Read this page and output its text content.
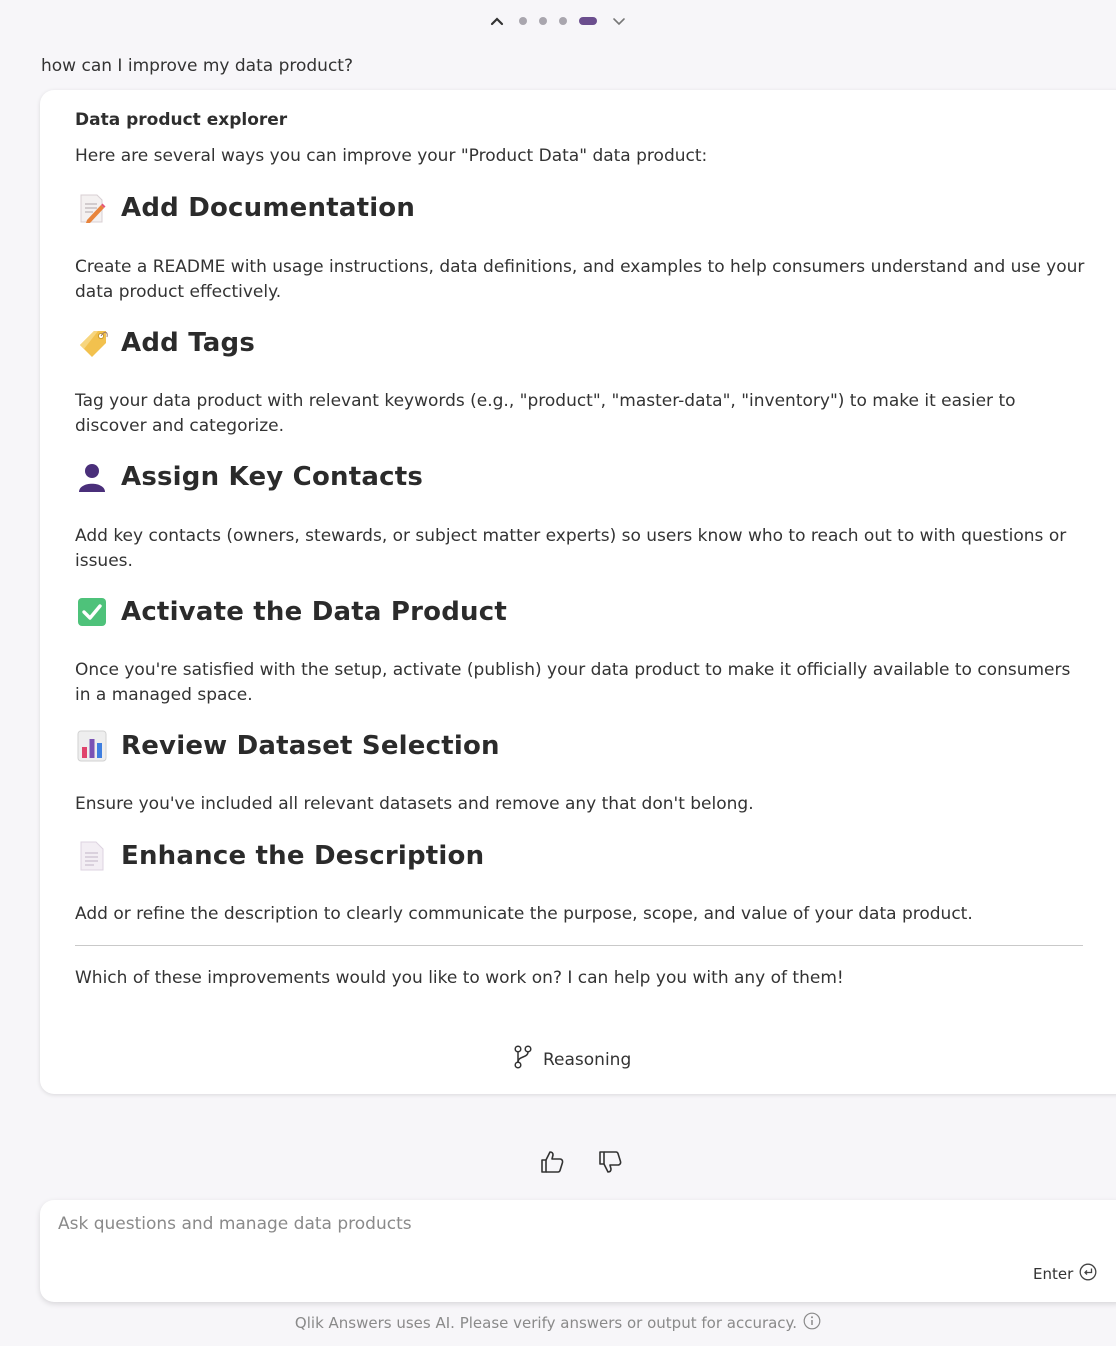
how can I improve my data product?
Data product explorer
Here are several ways you can improve your "Product Data" data product:
Add Documentation
Create a README with usage instructions, data definitions, and examples to help consumers understand and use your data product effectively.
Add Tags
Tag your data product with relevant keywords (e.g., "product", "master-data", "inventory") to make it easier to discover and categorize.
Assign Key Contacts
Add key contacts (owners, stewards, or subject matter experts) so users know who to reach out to with questions or issues.
Activate the Data Product
Once you're satisfied with the setup, activate (publish) your data product to make it officially available to consumers in a managed space.
Review Dataset Selection
Ensure you've included all relevant datasets and remove any that don't belong.
Enhance the Description
Add or refine the description to clearly communicate the purpose, scope, and value of your data product.
Which of these improvements would you like to work on? I can help you with any of them!
Reasoning
Ask questions and manage data products
Enter
Qlik Answers uses AI. Please verify answers or output for accuracy.
